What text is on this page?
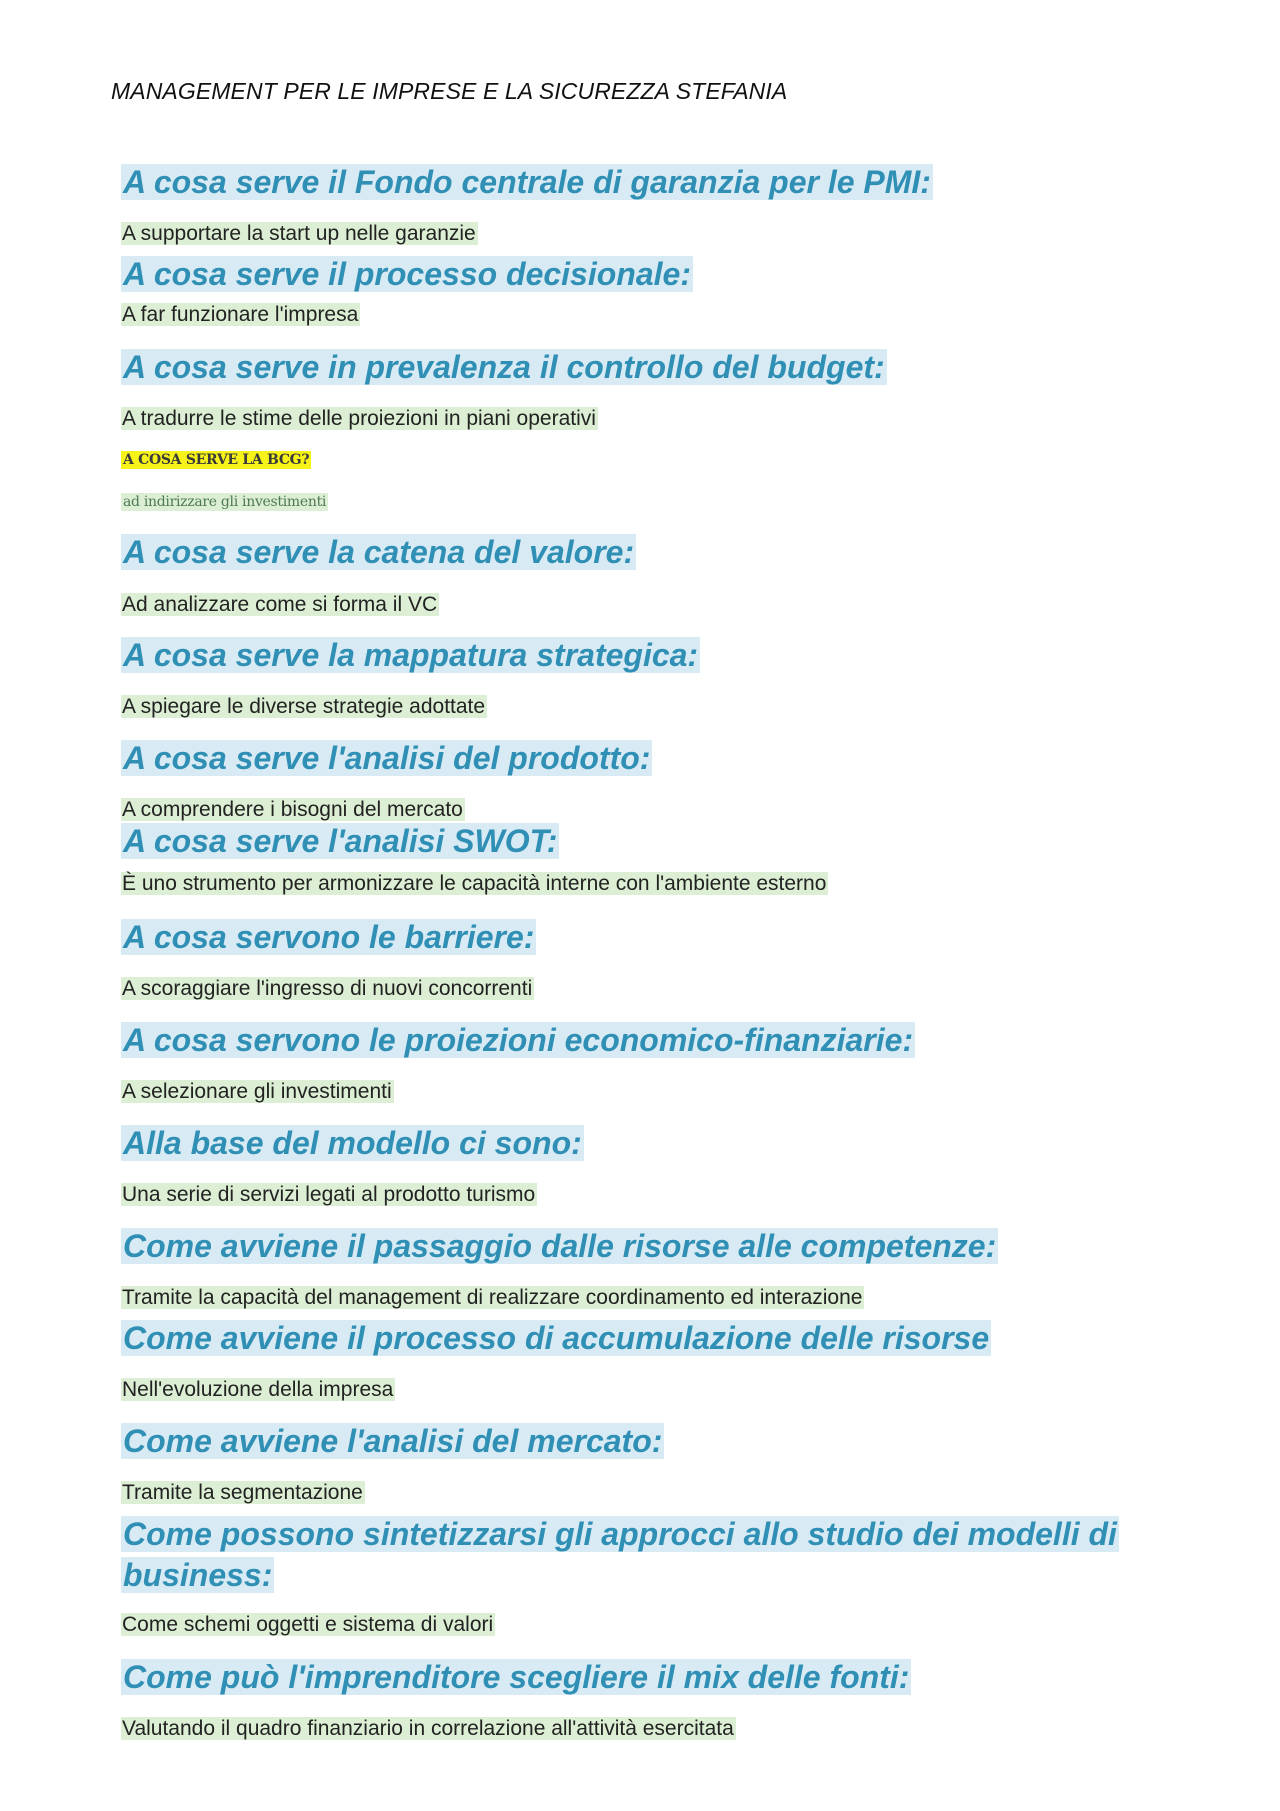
MANAGEMENT PER LE IMPRESE E LA SICUREZZA STEFANIA
A cosa serve il Fondo centrale di garanzia per le PMI:
A supportare la start up nelle garanzie
A cosa serve il processo decisionale:
A far funzionare l'impresa
A cosa serve in prevalenza il controllo del budget:
A tradurre le stime delle proiezioni in piani operativi
A COSA SERVE LA BCG?
ad indirizzare gli investimenti
A cosa serve la catena del valore:
Ad analizzare come si forma il VC
A cosa serve la mappatura strategica:
A spiegare le diverse strategie adottate
A cosa serve l'analisi del prodotto:
A comprendere i bisogni del mercato
A cosa serve l'analisi SWOT:
È uno strumento per armonizzare le capacità interne con l'ambiente esterno
A cosa servono le barriere:
A scoraggiare l'ingresso di nuovi concorrenti
A cosa servono le proiezioni economico-finanziarie:
A selezionare gli investimenti
Alla base del modello ci sono:
Una serie di servizi legati al prodotto turismo
Come avviene il passaggio dalle risorse alle competenze:
Tramite la capacità del management di realizzare coordinamento ed interazione
Come avviene il processo di accumulazione delle risorse
Nell'evoluzione della impresa
Come avviene l'analisi del mercato:
Tramite la segmentazione
Come possono sintetizzarsi gli approcci allo studio dei modelli di business:
Come schemi oggetti e sistema di valori
Come può l'imprenditore scegliere il mix delle fonti:
Valutando il quadro finanziario in correlazione all'attività esercitata
